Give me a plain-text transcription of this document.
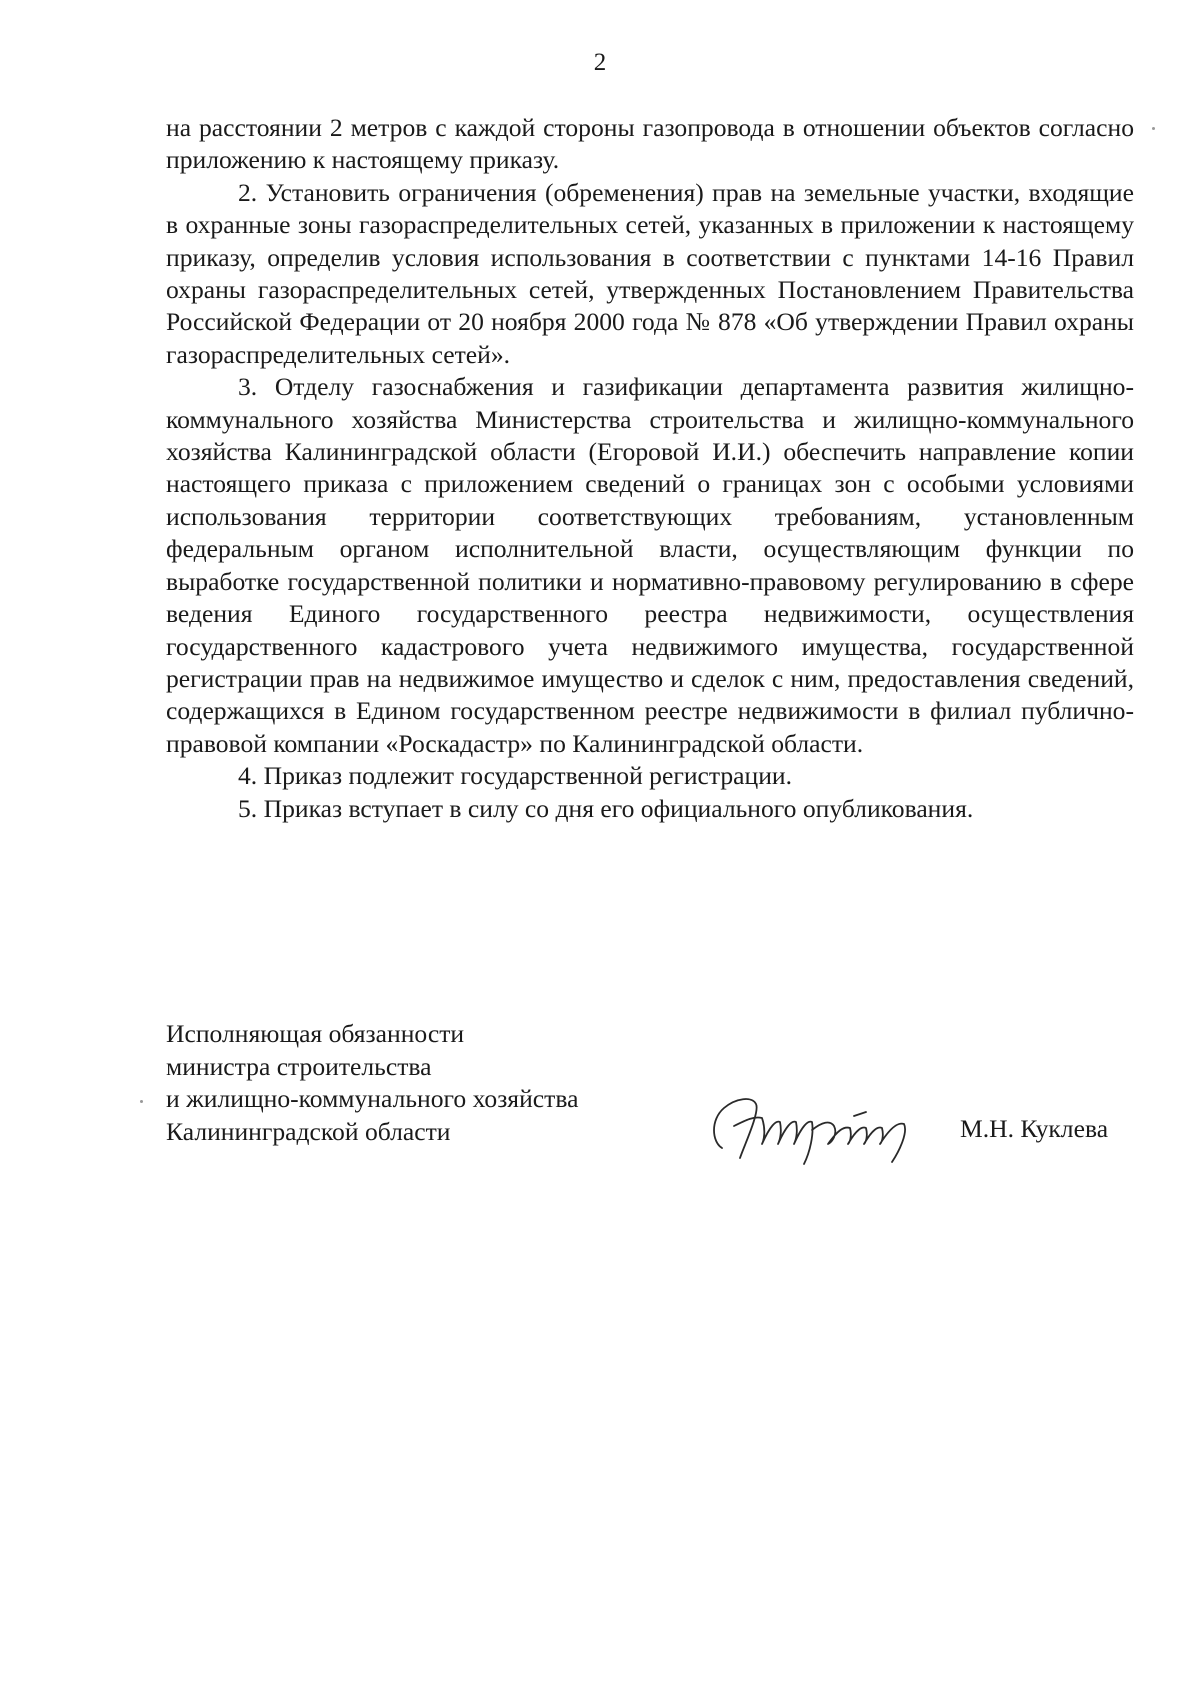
2

на расстоянии 2 метров с каждой стороны газопровода в отношении объектов согласно приложению к настоящему приказу.

2. Установить ограничения (обременения) прав на земельные участки, входящие в охранные зоны газораспределительных сетей, указанных в приложении к настоящему приказу, определив условия использования в соответствии с пунктами 14-16 Правил охраны газораспределительных сетей, утвержденных Постановлением Правительства Российской Федерации от 20 ноября 2000 года № 878 «Об утверждении Правил охраны газораспределительных сетей».

3. Отделу газоснабжения и газификации департамента развития жилищно-коммунального хозяйства Министерства строительства и жилищно-коммунального хозяйства Калининградской области (Егоровой И.И.) обеспечить направление копии настоящего приказа с приложением сведений о границах зон с особыми условиями использования территории соответствующих требованиям, установленным федеральным органом исполнительной власти, осуществляющим функции по выработке государственной политики и нормативно-правовому регулированию в сфере ведения Единого государственного реестра недвижимости, осуществления государственного кадастрового учета недвижимого имущества, государственной регистрации прав на недвижимое имущество и сделок с ним, предоставления сведений, содержащихся в Едином государственном реестре недвижимости в филиал публично-правовой компании «Роскадастр» по Калининградской области.

4. Приказ подлежит государственной регистрации.

5. Приказ вступает в силу со дня его официального опубликования.

Исполняющая обязанности
министра строительства
и жилищно-коммунального хозяйства
Калининградской области	М.Н. Куклева
